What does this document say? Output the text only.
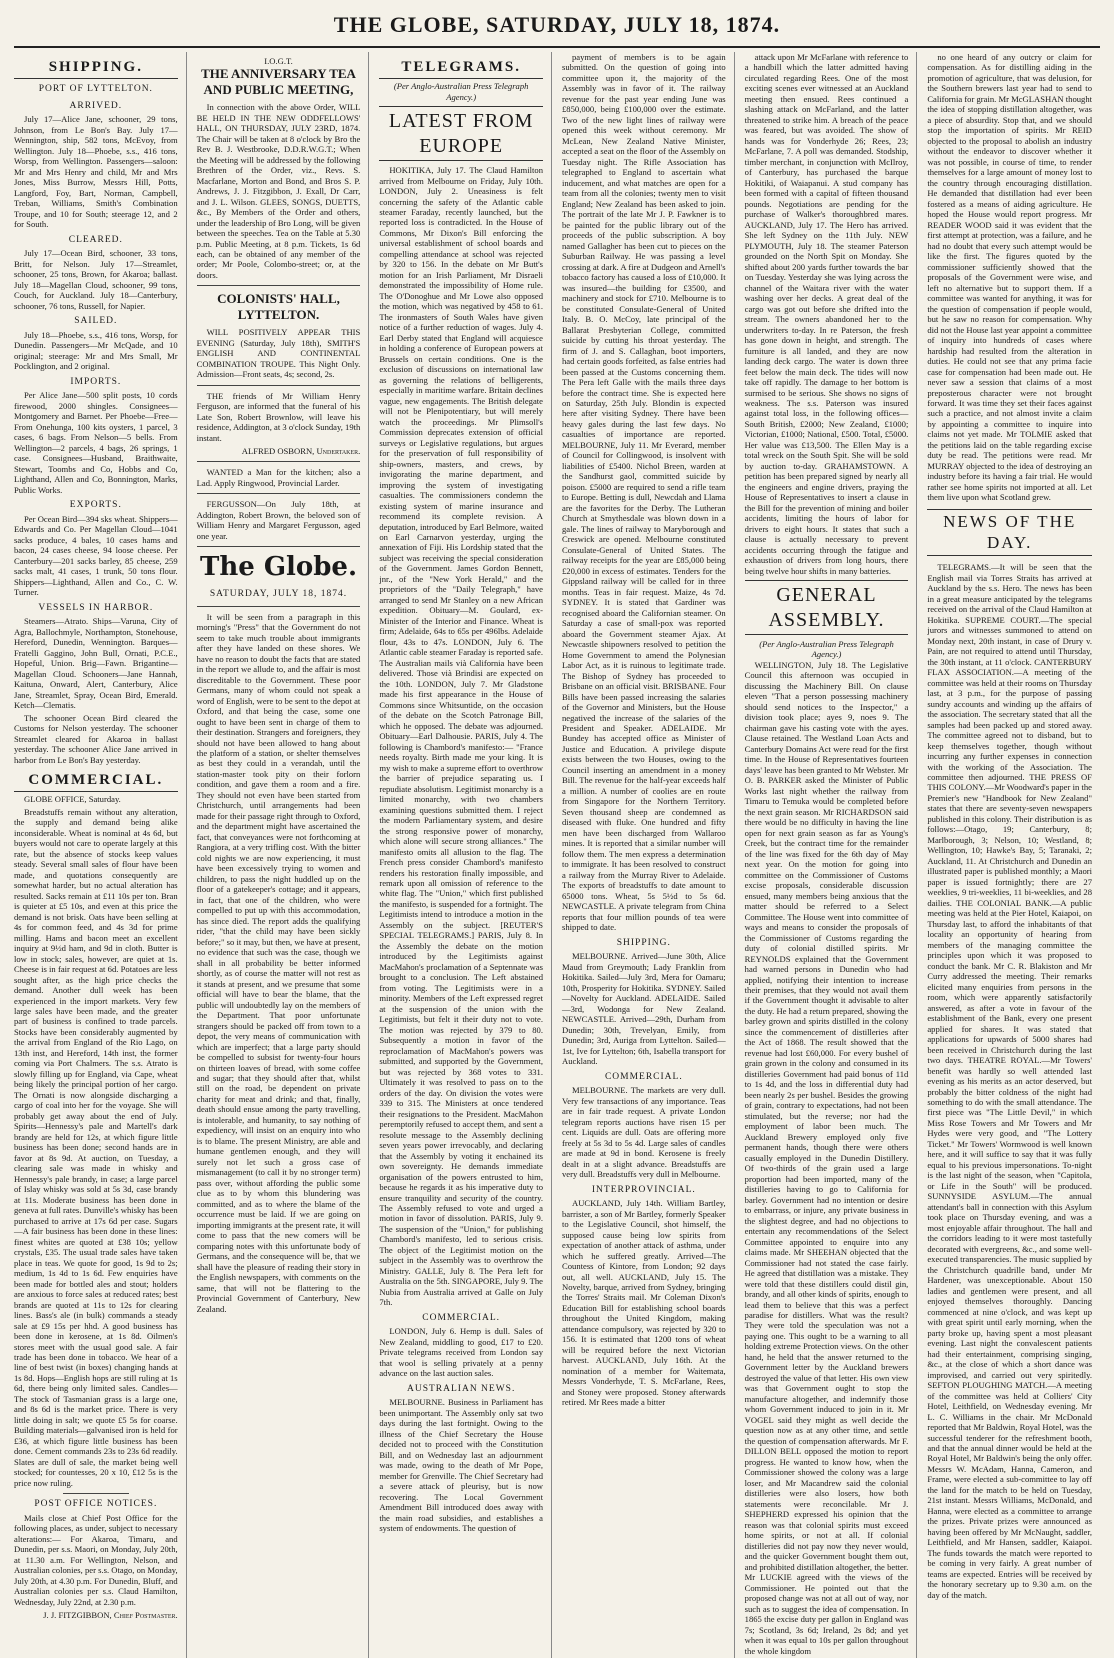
THE GLOBE, SATURDAY, JULY 18, 1874.
SHIPPING.
PORT OF LYTTELTON.
ARRIVED.

July 17—Alice Jane, schooner, 29 tons, Johnson, from Le Bon's Bay. July 17—Wennington, ship, 582 tons, McEvoy, from Wellington. July 18—Phoebe, s.s., 416 tons, Worsp, from Wellington. Passengers—saloon: Mr and Mrs Henry and child, Mr and Mrs Jones, Miss Burrow, Messrs Hill, Potts, Langford, Foy, Bart, Norman, Campbell, Treban, Williams, Smith's Combination Troupe, and 10 for South; steerage 12, and 2 for South.

CLEARED.

July 17—Ocean Bird, schooner, 33 tons, Britt, for Nelson. July 17—Streamlet, schooner, 25 tons, Brown, for Akaroa; ballast. July 18—Magellan Cloud, schooner, 99 tons, Couch, for Auckland. July 18—Canterbury, schooner, 76 tons, Russell, for Napier.

SAILED.

July 18—Phoebe, s.s., 416 tons, Worsp, for Dunedin. Passengers—Mr McQade, and 10 original; steerage: Mr and Mrs Small, Mr Pocklington, and 2 original.

IMPORTS.

Per Alice Jane—500 split posts, 10 cords firewood, 2000 shingles. Consignees—Montgomery and Barnet. Per Phoebe—Free—From Onehunga, 100 kits oysters, 1 parcel, 3 cases, 6 bags. From Nelson—5 bells. From Wellington—2 parcels, 4 bags, 26 springs, 1 case. Consignees—Husband, Braithwaite, Stewart, Toombs and Co, Hobbs and Co, Lighthand, Allen and Co, Bonnington, Marks, Public Works.

EXPORTS.

Per Ocean Bird—394 sks wheat. Shippers—Edwards and Co. Per Magellan Cloud—1041 sacks produce, 4 bales, 10 cases hams and bacon, 24 cases cheese, 94 loose cheese. Per Canterbury—201 sacks barley, 85 cheese, 259 sacks malt, 41 cases, 1 trunk, 50 tons flour. Shippers—Lighthand, Allen and Co., C. W. Turner.

VESSELS IN HARBOR.

Steamers—Atrato. Ships—Varuna, City of Agra, Ballochmyle, Northampton, Stonehouse, Hereford, Dunedin, Wennington. Barques—Fratelli Gaggino, John Bull, Ornati, P.C.E., Hopeful, Union. Brig—Fawn. Brigantine—Magellan Cloud. Schooners—Jane Hannah, Kaituna, Onward, Alert, Canterbury, Alice Jane, Streamlet, Spray, Ocean Bird, Emerald. Ketch—Clematis.

The schooner Ocean Bird cleared the Customs for Nelson yesterday. The schooner Streamlet cleared for Akaroa in ballast yesterday. The schooner Alice Jane arrived in harbor from Le Bon's Bay yesterday.

COMMERCIAL.

GLOBE OFFICE, Saturday.

Breadstuffs remain without any alteration, the supply and demand being alike inconsiderable. Wheat is nominal at 4s 6d, but buyers would not care to operate largely at this rate, but the absence of stocks keep values steady. Several small sales of flour have been made, and quotations consequently are somewhat harder, but no actual alteration has resulted. Sacks remain at £11 10s per ton. Bran is quieter at £5 10s, and even at this price the demand is not brisk. Oats have been selling at 4s for common feed, and 4s 3d for prime milling. Hams and bacon meet an excellent inquiry at 9½d ham, and 9d in cloth. Butter is low in stock; sales, however, are quiet at 1s. Cheese is in fair request at 6d. Potatoes are less sought after, as the high price checks the demand. Another dull week has been experienced in the import markets. Very few large sales have been made, and the greater part of business is confined to trade parcels. Stocks have been considerably augmented by the arrival from England of the Rio Lago, on 13th inst, and Hereford, 14th inst, the former coming via Port Chalmers. The s.s. Atrato is slowly filling up for England, via Cape, wheat being likely the principal portion of her cargo. The Ornati is now alongside discharging a cargo of coal into her for the voyage. She will probably get away about the end of July. Spirits—Hennessy's pale and Martell's dark brandy are held for 12s, at which figure little business has been done; second hands are in favor at 8s 9d. At auction, on Tuesday, a clearing sale was made in whisky and Hennessy's pale brandy, in case; a large parcel of Islay whisky was sold at 5s 3d, case brandy at 11s. Moderate business has been done in geneva at full rates. Dunville's whisky has been purchased to arrive at 17s 6d per case. Sugars—A fair business has been done in these lines: finest whites are quoted at £38 10s; yellow crystals, £35. The usual trade sales have taken place in teas. We quote for good, 1s 9d to 2s; medium, 1s 4d to 1s 6d. Few enquiries have been made for bottled ales and stout; holders are anxious to force sales at reduced rates; best brands are quoted at 11s to 12s for clearing lines. Bass's ale (in bulk) commands a steady sale at £9 15s per hhd. A good business has been done in kerosene, at 1s 8d. Oilmen's stores meet with the usual good sale. A fair trade has been done in tobacco. We hear of a line of best twist (in boxes) changing hands at 1s 8d. Hops—English hops are still ruling at 1s 6d, there being only limited sales. Candles—The stock of Tasmanian grass is a large one, and 8s 6d is the market price. There is very little doing in salt; we quote £5 5s for coarse. Building materials—galvanised iron is held for £36, at which figure little business has been done. Cement commands 23s to 23s 6d readily. Slates are dull of sale, the market being well stocked; for countesses, 20 x 10, £12 5s is the price now ruling.

POST OFFICE NOTICES.

Mails close at Chief Post Office for the following places, as under, subject to necessary alterations:— For Akaroa, Timaru, and Dunedin, per s.s. Maori, on Monday, July 20th, at 11.30 a.m. For Wellington, Nelson, and Australian colonies, per s.s. Otago, on Monday, July 20th, at 4.30 p.m. For Dunedin, Bluff, and Australian colonies per s.s. Claud Hamilton, Wednesday, July 22nd, at 2.30 p.m.

J. J. FITZGIBBON, Chief Postmaster.
I.O.G.T.
THE ANNIVERSARY TEA AND PUBLIC MEETING,

In connection with the above Order, WILL BE HELD IN THE NEW ODDFELLOWS' HALL, ON THURSDAY, JULY 23RD, 1874. The Chair will be taken at 8 o'clock by Bro the Rev B. J. Westbrooke, D.D.R.W.G.T.; When the Meeting will be addressed by the following Brethren of the Order, viz., Revs. S. Macfarlane, Morton and Bond, and Bros S. P. Andrews, J. J. Fitzgibbon, J. Exall, Dr Carr, and J. L. Wilson. GLEES, SONGS, DUETTS, &c., By Members of the Order and others, under the leadership of Bro Long, will be given between the speeches. Tea on the Table at 5.30 p.m. Public Meeting, at 8 p.m. Tickets, 1s 6d each, can be obtained of any member of the order; Mr Poole, Colombo-street; or, at the doors.

COLONISTS' HALL, LYTTELTON.

WILL POSITIVELY APPEAR THIS EVENING (Saturday, July 18th), SMITH'S ENGLISH AND CONTINENTAL COMBINATION TROUPE. This Night Only. Admission—Front seats, 4s; second, 2s.

THE friends of Mr William Henry Ferguson, are informed that the funeral of his Late Son, Robert Brownlow, will leave his residence, Addington, at 3 o'clock Sunday, 19th instant.

ALFRED OSBORN, Undertaker.

WANTED a Man for the kitchen; also a Lad. Apply Ringwood, Provincial Larder.

FERGUSSON—On July 18th, at Addington, Robert Brown, the beloved son of William Henry and Margaret Fergusson, aged one year.

The Globe.
SATURDAY, JULY 18, 1874.

It will be seen from a paragraph in this morning's "Press" that the Government do not seem to take much trouble about immigrants after they have landed on these shores. We have no reason to doubt the facts that are stated in the report we allude to, and the affair is most discreditable to the Government. These poor Germans, many of whom could not speak a word of English, were to be sent to the depot at Oxford, and that being the case, some one ought to have been sent in charge of them to their destination. Strangers and foreigners, they should not have been allowed to hang about the platform of a station, or shelter themselves as best they could in a verandah, until the station-master took pity on their forlorn condition, and gave them a room and a fire. They should not even have been started from Christchurch, until arrangements had been made for their passage right through to Oxford, and the department might have ascertained the fact, that conveyances were not forthcoming at Rangiora, at a very trifling cost. With the bitter cold nights we are now experiencing, it must have been excessively trying to women and children, to pass the night huddled up on the floor of a gatekeeper's cottage; and it appears, in fact, that one of the children, who were compelled to put up with this accommodation, has since died. The report adds the qualifying rider, "that the child may have been sickly before;" so it may, but then, we have at present, no evidence that such was the case, though we shall in all probability be better informed shortly, as of course the matter will not rest as it stands at present, and we presume that some official will have to bear the blame, that the public will undoubtedly lay on the members of the Department. That poor unfortunate strangers should be packed off from town to a depot, the very means of communication with which are imperfect; that a large party should be compelled to subsist for twenty-four hours on thirteen loaves of bread, with some coffee and sugar; that they should after that, whilst still on the road, be dependent on private charity for meat and drink; and that, finally, death should ensue among the party travelling, is intolerable, and humanity, to say nothing of expediency, will insist on an enquiry into who is to blame. The present Ministry, are able and humane gentlemen enough, and they will surely not let such a gross case of mismanagement (to call it by no stronger term) pass over, without affording the public some clue as to by whom this blundering was committed, and as to where the blame of the occurrence must be laid. If we are going on importing immigrants at the present rate, it will come to pass that the new comers will be comparing notes with this unfortunate body of Germans, and the consequence will be, that we shall have the pleasure of reading their story in the English newspapers, with comments on the same, that will not be flattering to the Provincial Government of Canterbury, New Zealand.

TELEGRAMS.
(Per Anglo-Australian Press Telegraph Agency.)
LATEST FROM EUROPE

HOKITIKA, July 17. The Claud Hamilton arrived from Melbourne on Friday, July 10th. LONDON, July 2. Uneasiness is felt concerning the safety of the Atlantic cable steamer Faraday, recently launched, but the reported loss is contradicted. In the House of Commons, Mr Dixon's Bill enforcing the universal establishment of school boards and compelling attendance at school was rejected by 320 to 156. In the debate on Mr Butt's motion for an Irish Parliament, Mr Disraeli demonstrated the impossibility of Home rule. The O'Donoghue and Mr Lowe also opposed the motion, which was negatived by 458 to 61. The ironmasters of South Wales have given notice of a further reduction of wages. July 4. Earl Derby stated that England will acquiesce in holding a conference of European powers at Brussels on certain conditions. One is the exclusion of discussions on international law as governing the relations of belligerents, especially in maritime warfare. Britain declines vague, new engagements. The British delegate will not be Plenipotentiary, but will merely watch the proceedings. Mr Plimsoll's Commission deprecates extension of official surveys or Legislative regulations, but argues for the preservation of full responsibility of ship-owners, masters, and crews, by invigorating the marine department, and improving the system of investigating casualties. The commissioners condemn the existing system of marine insurance and recommend its complete revision. A deputation, introduced by Earl Belmore, waited on Earl Carnarvon yesterday, urging the annexation of Fiji. His Lordship stated that the subject was receiving the special consideration of the Government. James Gordon Bennett, jnr., of the "New York Herald," and the proprietors of the "Daily Telegraph," have arranged to send Mr Stanley on a new African expedition. Obituary—M. Goulard, ex-Minister of the Interior and Finance. Wheat is firm; Adelaide, 64s to 65s per 496lbs. Adelaide flour, 43s to 47s. LONDON, July 6. The Atlantic cable steamer Faraday is reported safe. The Australian mails vià California have been delivered. Those vià Brindisi are expected on the 10th. LONDON, July 7. Mr Gladstone made his first appearance in the House of Commons since Whitsuntide, on the occasion of the debate on the Scotch Patronage Bill, which he opposed. The debate was adjourned. Obituary—Earl Dalhousie. PARIS, July 4. The following is Chambord's manifesto:— "France needs royalty. Birth made me your king. It is my wish to make a supreme effort to overthrow the barrier of prejudice separating us. I repudiate absolutism. Legitimist monarchy is a limited monarchy, with two chambers examining questions submitted them. I reject the modern Parliamentary system, and desire the strong responsive power of monarchy, which alone will secure strong alliances." The manifesto omits all allusion to the flag. The French press consider Chambord's manifesto renders his restoration finally impossible, and remark upon all omission of reference to the white flag. The "Union," which first published the manifesto, is suspended for a fortnight. The Legitimists intend to introduce a motion in the Assembly on the subject. [REUTER'S SPECIAL TELEGRAMS.] PARIS, July 8. In the Assembly the debate on the motion introduced by the Legitimists against MacMahon's proclamation of a Septennate was brought to a conclusion. The Left abstained from voting. The Legitimists were in a minority. Members of the Left expressed regret at the suspension of the union with the Legitimists, but felt it their duty not to vote. The motion was rejected by 379 to 80. Subsequently a motion in favor of the reproclamation of MacMahon's powers was submitted, and supported by the Government, but was rejected by 368 votes to 331. Ultimately it was resolved to pass on to the orders of the day. On division the votes were 339 to 315. The Ministers at once tendered their resignations to the President. MacMahon peremptorily refused to accept them, and sent a resolute message to the Assembly declining seven years power irrevocably, and declaring that the Assembly by voting it enchained its own sovereignty. He demands immediate organisation of the powers entrusted to him, because he regards it as his imperative duty to ensure tranquility and security of the country. The Assembly refused to vote and urged a motion in favor of dissolution. PARIS, July 9. The suspension of the "Union," for publishing Chambord's manifesto, led to serious crisis. The object of the Legitimist motion on the subject in the Assembly was to overthrow the Ministry. GALLE, July 8. The Pera left for Australia on the 5th. SINGAPORE, July 9. The Nubia from Australia arrived at Galle on July 7th.

COMMERCIAL.

LONDON, July 6. Hemp is dull. Sales of New Zealand, middling to good, £17 to £20. Private telegrams received from London say that wool is selling privately at a penny advance on the last auction sales.

AUSTRALIAN NEWS.

MELBOURNE. Business in Parliament has been unimportant. The Assembly only sat two days during the last fortnight. Owing to the illness of the Chief Secretary the House decided not to proceed with the Constitution Bill, and on Wednesday last an adjournment was made, owing to the death of Mr Pope, member for Grenville. The Chief Secretary had a severe attack of pleurisy, but is now recovering. The Local Government Amendment Bill introduced does away with the main road subsidies, and establishes a system of endowments. The question of

payment of members is to be again submitted. On the question of going into committee upon it, the majority of the Assembly was in favor of it. The railway revenue for the past year ending June was £850,000, being £100,000 over the estimate. Two of the new light lines of railway were opened this week without ceremony. Mr McLean, New Zealand Native Minister, accepted a seat on the floor of the Assembly on Tuesday night. The Rifle Association has telegraphed to England to ascertain what inducement, and what matches are open for a team from all the colonies; twenty men to visit England; New Zealand has been asked to join. The portrait of the late Mr J. P. Fawkner is to be painted for the public library out of the proceeds of the public subscription. A boy named Gallagher has been cut to pieces on the Suburban Railway. He was passing a level crossing at dark. A fire at Dudgeon and Arnell's tobacco factory has caused a loss of £10,000. It was insured—the building for £3500, and machinery and stock for £710. Melbourne is to be constituted Consulate-General of United Italy. B. O. McCoy, late principal of the Ballarat Presbyterian College, committed suicide by cutting his throat yesterday. The firm of J. and S. Callaghan, boot importers, had certain goods forfeited, as false entries had been passed at the Customs concerning them. The Pera left Galle with the mails three days before the contract time. She is expected here on Saturday, 25th July. Blondin is expected here after visiting Sydney. There have been heavy gales during the last few days. No casualties of importance are reported. MELBOURNE, July 11. Mr Everard, member of Council for Collingwood, is insolvent with liabilities of £5400. Nichol Breen, warden at the Sandhurst gaol, committed suicide by poison. £5000 are required to send a rifle team to Europe. Betting is dull, Newcdah and Llama are the favorites for the Derby. The Lutheran Church at Smythesdale was blown down in a gale. The lines of railway to Maryborough and Creswick are opened. Melbourne constituted Consulate-General of United States. The railway receipts for the year are £85,000 being £20,000 in excess of estimates. Tenders for the Gippsland railway will be called for in three months. Teas in fair request. Maize, 4s 7d. SYDNEY. It is stated that Gardiner was recognised aboard the Californian steamer. On Saturday a case of small-pox was reported aboard the Government steamer Ajax. At Newcastle shipowners resolved to petition the Home Government to amend the Polynesian Labor Act, as it is ruinous to legitimate trade. The Bishop of Sydney has proceeded to Brisbane on an official visit. BRISBANE. Four Bills have been passed increasing the salaries of the Governor and Ministers, but the House negatived the increase of the salaries of the President and Speaker. ADELAIDE. Mr Bundey has accepted office as Minister of Justice and Education. A privilege dispute exists between the two Houses, owing to the Council inserting an amendment in a money Bill. The revenue for the half-year exceeds half a million. A number of coolies are en route from Singapore for the Northern Territory. Seven thousand sheep are condemned as diseased with fluke. One hundred and fifty men have been discharged from Wallaroo mines. It is reported that a similar number will follow them. The men express a determination to immigrate. It has been resolved to construct a railway from the Murray River to Adelaide. The exports of breadstuffs to date amount to 65000 tons. Wheat, 5s 5½d to 5s 6d. NEWCASTLE. A private telegram from China reports that four million pounds of tea were shipped to date.

SHIPPING.

MELBOURNE. Arrived—June 30th, Alice Maud from Greymouth; Lady Franklin from Hokitika. Sailed—July 3rd, Mera for Oamaru; 10th, Prosperity for Hokitika. SYDNEY. Sailed—Novelty for Auckland. ADELAIDE. Sailed—3rd, Wodonga for New Zealand. NEWCASTLE. Arrived—29th, Durham from Dunedin; 30th, Trevelyan, Emily, from Dunedin; 3rd, Auriga from Lyttelton. Sailed—1st, Ive for Lyttelton; 6th, Isabella transport for Auckland.

COMMERCIAL.

MELBOURNE. The markets are very dull. Very few transactions of any importance. Teas are in fair trade request. A private London telegram reports auctions have risen 15 per cent. Liquids are dull. Oats are offering more freely at 5s 3d to 5s 4d. Large sales of candles are made at 9d in bond. Kerosene is freely dealt in at a slight advance. Breadstuffs are very dull. Breadstuffs very dull in Melbourne.

INTERPROVINCIAL.

AUCKLAND, July 14th. William Bartley, barrister, a son of Mr Bartley, formerly Speaker to the Legislative Council, shot himself, the supposed cause being low spirits from expectation of another attack of asthma, under which he suffered greatly. Arrived—The Countess of Kintore, from London; 92 days out, all well. AUCKLAND, July 15. The Novelty, barque, arrived from Sydney, bringing the Torres' Straits mail. Mr Coleman Dixon's Education Bill for establishing school boards throughout the United Kingdom, making attendance compulsory, was rejected by 320 to 156. It is estimated that 1200 tons of wheat will be required before the next Victorian harvest. AUCKLAND, July 16th. At the nomination of a member for Waitemata, Messrs Vonderhyde, T. S. McFarlane, Rees, and Stoney were proposed. Stoney afterwards retired. Mr Rees made a bitter

attack upon Mr McFarlane with reference to a handbill which the latter admitted having circulated regarding Rees. One of the most exciting scenes ever witnessed at an Auckland meeting then ensued. Rees continued a slashing attack on McFarland, and the latter threatened to strike him. A breach of the peace was feared, but was avoided. The show of hands was for Vonderhyde 26; Rees, 23; McFarlane, 7. A poll was demanded. Stodship, timber merchant, in conjunction with McIlroy, of Canterbury, has purchased the barque Hokitiki, of Waiapanui. A stud company has been formed with a capital of fifteen thousand pounds. Negotiations are pending for the purchase of Walker's thoroughbred mares. AUCKLAND, July 17. The Hero has arrived. She left Sydney on the 11th July. NEW PLYMOUTH, July 18. The steamer Paterson grounded on the North Spit on Monday. She shifted about 200 yards further towards the bar on Tuesday. Yesterday she was lying across the channel of the Waitara river with the water washing over her decks. A great deal of the cargo was got out before she drifted into the stream. The owners abandoned her to the underwriters to-day. In re Paterson, the fresh has gone down in height, and strength. The furniture is all landed, and they are now landing deck cargo. The water is down three feet below the main deck. The tides will now take off rapidly. The damage to her bottom is surmised to be serious. She shows no signs of weakness. The s.s. Paterson was insured against total loss, in the following offices—South British, £2000; New Zealand, £1000; Victorian, £1000; National, £500. Total, £5000. Her value was £13,500. The Ellen May is a total wreck on the South Spit. She will be sold by auction to-day. GRAHAMSTOWN. A petition has been prepared signed by nearly all the engineers and engine drivers, praying the House of Representatives to insert a clause in the Bill for the prevention of mining and boiler accidents, limiting the hours of labor for drivers to eight hours. It states that such a clause is actually necessary to prevent accidents occurring through the fatigue and exhaustion of drivers from long hours, there being twelve hour shifts in many batteries.

GENERAL ASSEMBLY.
(Per Anglo-Australian Press Telegraph Agency.)

WELLINGTON, July 18. The Legislative Council this afternoon was occupied in discussing the Machinery Bill. On clause eleven "That a person possessing machinery should send notices to the Inspector," a division took place; ayes 9, noes 9. The chairman gave his casting vote with the ayes. Clause retained. The Westland Loan Acts and Canterbury Domains Act were read for the first time. In the House of Representatives fourteen days' leave has been granted to Mr Webster. Mr O. B. PARKER asked the Minister of Public Works last night whether the railway from Timaru to Temuka would be completed before the next grain season. Mr RICHARDSON said there would be no difficulty in having the line open for next grain season as far as Young's Creek, but the contract time for the remainder of the line was fixed for the 6th day of May next year. On the motion for going into committee on the Commissioner of Customs excise proposals, considerable discussion ensued, many members being anxious that the matter should be referred to a Select Committee. The House went into committee of ways and means to consider the proposals of the Commissioner of Customs regarding the duty of colonial distilled spirits. Mr REYNOLDS explained that the Government had warned persons in Dunedin who had applied, notifying their intention to increase their premises, that they would not avail them if the Government thought it advisable to alter the duty. He had a return prepared, showing the barley grown and spirits distilled in the colony since the commencement of distilleries after the Act of 1868. The result showed that the revenue had lost £60,000. For every bushel of grain grown in the colony and consumed in its distilleries Government had paid bonus of 11d to 1s 4d, and the loss in differential duty had been nearly 2s per bushel. Besides the growing of grain, contrary to expectations, had not been stimulated, but the reverse; nor had the employment of labor been much. The Auckland Brewery employed only five permanent hands, though there were others casually employed in the Dunedin Distillery. Of two-thirds of the grain used a large proportion had been imported, many of the distilleries having to go to California for barley. Government had no intention or desire to embarrass, or injure, any private business in the slightest degree, and had no objections to entertain any recommendations of the Select Committee appointed to enquire into any claims made. Mr SHEEHAN objected that the Commissioner had not stated the case fairly. He agreed that distillation was a mistake. They were told that these distillers could distil gin, brandy, and all other kinds of spirits, enough to lead them to believe that this was a perfect paradise for distillers. What was the result? They were told the speculation was not a paying one. This ought to be a warning to all holding extreme Protection views. On the other hand, he held that the answer returned to the Government letter by the Auckland brewers destroyed the value of that letter. His own view was that Government ought to stop the manufacture altogether, and indemnify those whom Government induced to join in it. Mr VOGEL said they might as well decide the question now as at any other time, and settle the question of compensation afterwards. Mr F. DILLON BELL opposed the motion to report progress. He wanted to know how, when the Commissioner showed the colony was a large loser, and Mr Macandrew said the colonial distilleries were also losers, how both statements were reconcilable. Mr J. SHEPHERD expressed his opinion that the reason was that colonial spirits must exceed home spirits, or not at all. If colonial distilleries did not pay now they never would, and the quicker Government bought them out, and prohibited distillation altogether, the better. Mr LUCKIE agreed with the views of the Commissioner. He pointed out that the proposed change was not at all out of way, nor such as to suggest the idea of compensation. In 1865 the excise duty per gallon in England was 7s; Scotland, 3s 6d; Ireland, 2s 8d; and yet when it was equal to 10s per gallon throughout the whole kingdom

no one heard of any outcry or claim for compensation. As for distilling aiding in the promotion of agriculture, that was delusion, for the Southern brewers last year had to send to California for grain. Mr McGLASHAN thought the idea of stopping distillation altogether, was a piece of absurdity. Stop that, and we should stop the importation of spirits. Mr REID objected to the proposal to abolish an industry without the endeavor to discover whether it was not possible, in course of time, to render themselves for a large amount of money lost to the country through encouraging distillation. He demanded that distillation had ever been fostered as a means of aiding agriculture. He hoped the House would report progress. Mr READER WOOD said it was evident that the first attempt at protection, was a failure, and he had no doubt that every such attempt would be like the first. The figures quoted by the commissioner sufficiently showed that the proposals of the Government were wise, and left no alternative but to support them. If a committee was wanted for anything, it was for the question of compensation if people would, but he saw no reason for compensation. Why did not the House last year appoint a committee of inquiry into hundreds of cases where hardship had resulted from the alteration in duties. He could not see that any prima facie case for compensation had been made out. He never saw a session that claims of a most preposterous character were not brought forward. It was time they set their faces against such a practice, and not almost invite a claim by appointing a committee to inquire into claims not yet made. Mr TOLMIE asked that the petitions laid on the table regarding excise duty be read. The petitions were read. Mr MURRAY objected to the idea of destroying an industry before its having a fair trial. He would rather see home spirits not imported at all. Let them live upon what Scotland grew.

NEWS OF THE DAY.

TELEGRAMS.—It will be seen that the English mail via Torres Straits has arrived at Auckland by the s.s. Hero. The news has been in a great measure anticipated by the telegrams received on the arrival of the Claud Hamilton at Hokitika. SUPREME COURT.—The special jurors and witnesses summoned to attend on Monday next, 20th instant, in case of Drury v. Pain, are not required to attend until Thursday, the 30th instant, at 11 o'clock. CANTERBURY FLAX ASSOCIATION.—A meeting of the committee was held at their rooms on Thursday last, at 3 p.m., for the purpose of passing sundry accounts and winding up the affairs of the association. The secretary stated that all the samples had been packed up and stored away. The committee agreed not to disband, but to keep themselves together, though without incurring any further expenses in connection with the working of the Association. The committee then adjourned. THE PRESS OF THIS COLONY.—Mr Woodward's paper in the Premier's new "Handbook for New Zealand" states that there are seventy-seven newspapers published in this colony. Their distribution is as follows:—Otago, 19; Canterbury, 8; Marlborough, 3; Nelson, 10; Westland, 8; Wellington, 10; Hawke's Bay, 5; Taranaki, 2; Auckland, 11. At Christchurch and Dunedin an illustrated paper is published monthly; a Maori paper is issued fortnightly; there are 27 weeklies, 9 tri-weeklies, 11 bi-weeklies, and 28 dailies. THE COLONIAL BANK.—A public meeting was held at the Pier Hotel, Kaiapoi, on Thursday last, to afford the inhabitants of that locality an opportunity of hearing from members of the managing committee the principles upon which it was proposed to conduct the bank. Mr C. R. Blakiston and Mr Curry addressed the meeting. Their remarks elicited many enquiries from persons in the room, which were apparently satisfactorily answered, as after a vote in favour of the establishment of the Bank, every one present applied for shares. It was stated that applications for upwards of 5000 shares had been received in Christchurch during the last two days. THEATRE ROYAL.—Mr Towers' benefit was hardly so well attended last evening as his merits as an actor deserved, but probably the bitter coldness of the night had something to do with the small attendance. The first piece was "The Little Devil," in which Miss Rose Towers and Mr Towers and Mr Hydes were very good, and "The Lottery Ticket." Mr Towers' Wormwood is well known here, and it will suffice to say that it was fully equal to his previous impersonations. To-night is the last night of the season, when "Capitola, or Life in the South" will be produced. SUNNYSIDE ASYLUM.—The annual attendant's ball in connection with this Asylum took place on Thursday evening, and was a most enjoyable affair throughout. The hall and the corridors leading to it were most tastefully decorated with evergreens, &c., and some well-executed transparencies. The music supplied by the Christchurch quadrille band, under Mr Hardener, was unexceptionable. About 150 ladies and gentlemen were present, and all enjoyed themselves thoroughly. Dancing commenced at nine o'clock, and was kept up with great spirit until early morning, when the party broke up, having spent a most pleasant evening. Last night the convalescent patients had their entertainment, comprising singing, &c., at the close of which a short dance was improvised, and carried out very spiritedly. SEFTON PLOUGHING MATCH.—A meeting of the committee was held at Colliers' City Hotel, Leithfield, on Wednesday evening. Mr L. C. Williams in the chair. Mr McDonald reported that Mr Baldwin, Royal Hotel, was the successful tenderer for the refreshment booth, and that the annual dinner would be held at the Royal Hotel, Mr Baldwin's being the only offer. Messrs W. McAdam, Hanna, Cameron, and Frame, were elected a sub-committee to lay off the land for the match to be held on Tuesday, 21st instant. Messrs Williams, McDonald, and Hanna, were elected as a committee to arrange the prizes. Private prizes were announced as having been offered by Mr McNaught, saddler, Leithfield, and Mr Hansen, saddler, Kaiapoi. The funds towards the match were reported to be coming in very fairly. A great number of teams are expected. Entries will be received by the honorary secretary up to 9.30 a.m. on the day of the match.
